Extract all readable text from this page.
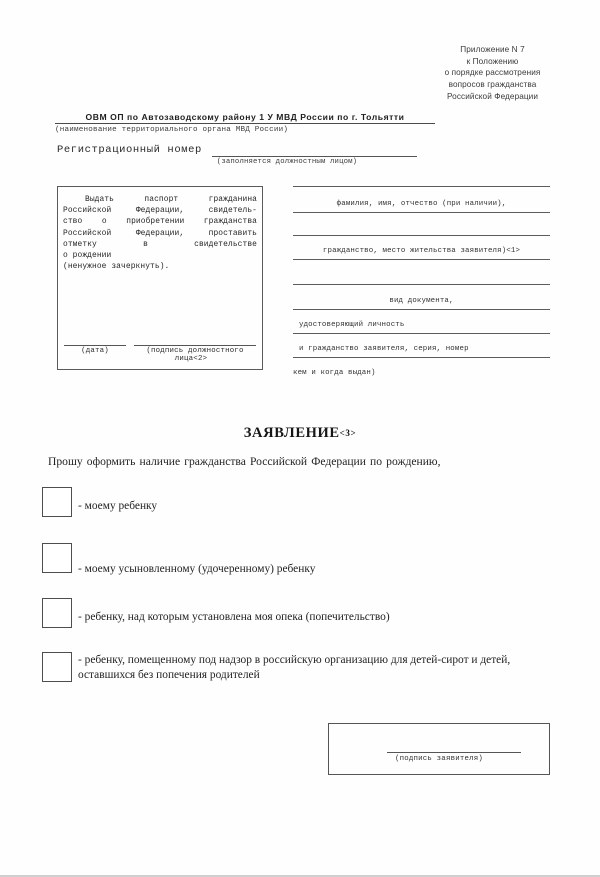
Приложение N 7
к Положению
о порядке рассмотрения
вопросов гражданства
Российской Федерации
ОВМ ОП по Автозаводскому району 1 У МВД России по г. Тольятти
(наименование территориального органа МВД России)
Регистрационный номер
(заполняется должностным лицом)
Выдать паспорт гражданина
Российской Федерации, свидетель-
ство о приобретении гражданства
Российской Федерации, проставить
отметку в свидетельстве
о рождении
(ненужное зачеркнуть).
(дата)	(подпись должностного
лица<2>
фамилия, имя, отчество (при наличии),
гражданство, место жительства заявителя)<1>
вид документа,
удостоверяющий личность
и гражданство заявителя, серия, номер
кем и когда выдан)
ЗАЯВЛЕНИЕ<3>
Прошу оформить наличие гражданства Российской Федерации по рождению,
- моему ребенку
- моему усыновленному (удочеренному) ребенку
- ребенку, над которым установлена моя опека (попечительство)
- ребенку, помещенному под надзор в российскую организацию для детей-сирот и детей,
оставшихся без попечения родителей
(подпись заявителя)
